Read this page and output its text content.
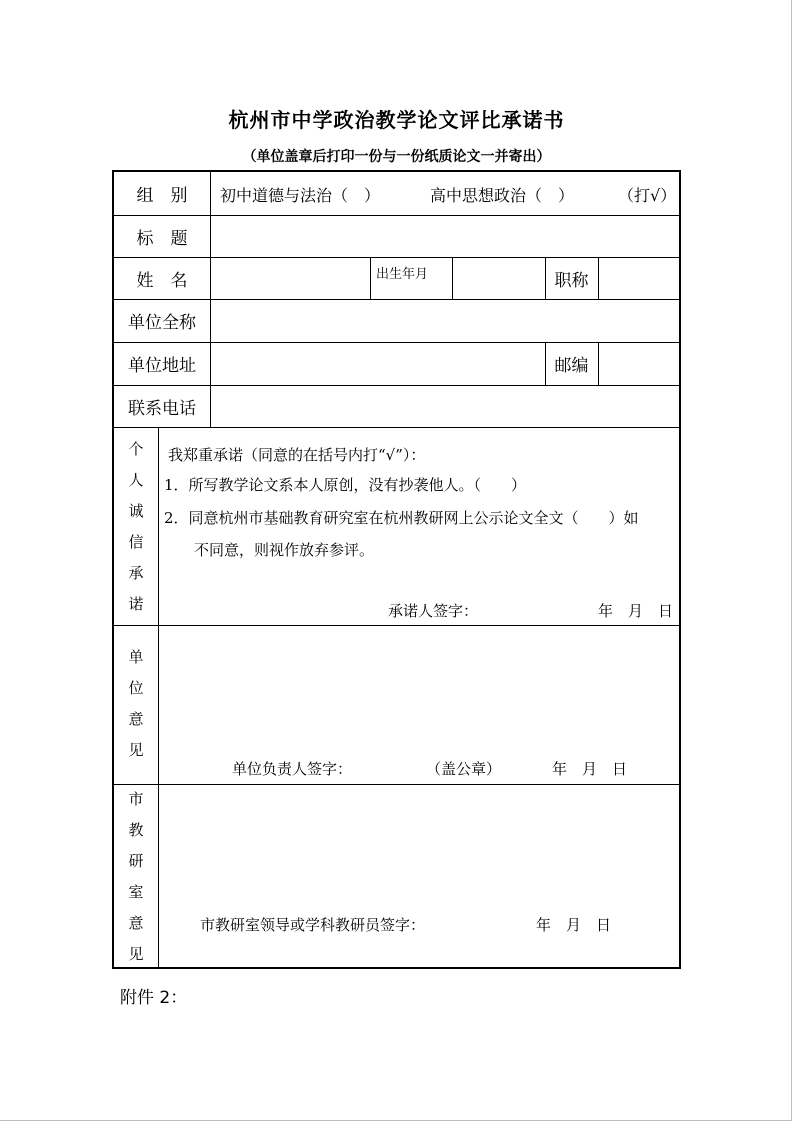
杭州市中学政治教学论文评比承诺书
（单位盖章后打印一份与一份纸质论文一并寄出）
组　别	初中道德与法治（　）	高中思想政治（　）	（打√）
标　题
姓　名	出生年月	职称
单位全称
单位地址	邮编
联系电话
个
人
诚
信
承
诺
我郑重承诺（同意的在括号内打“√”）：
1．所写教学论文系本人原创，没有抄袭他人。（　　）
2．同意杭州市基础教育研究室在杭州教研网上公示论文全文（　　）如
不同意，则视作放弃参评。
承诺人签字：	年　月　日
单
位
意
见
单位负责人签字：	（盖公章）	年　月　日
市
教
研
室
意
见
市教研室领导或学科教研员签字：	年　月　日
附件 2：
